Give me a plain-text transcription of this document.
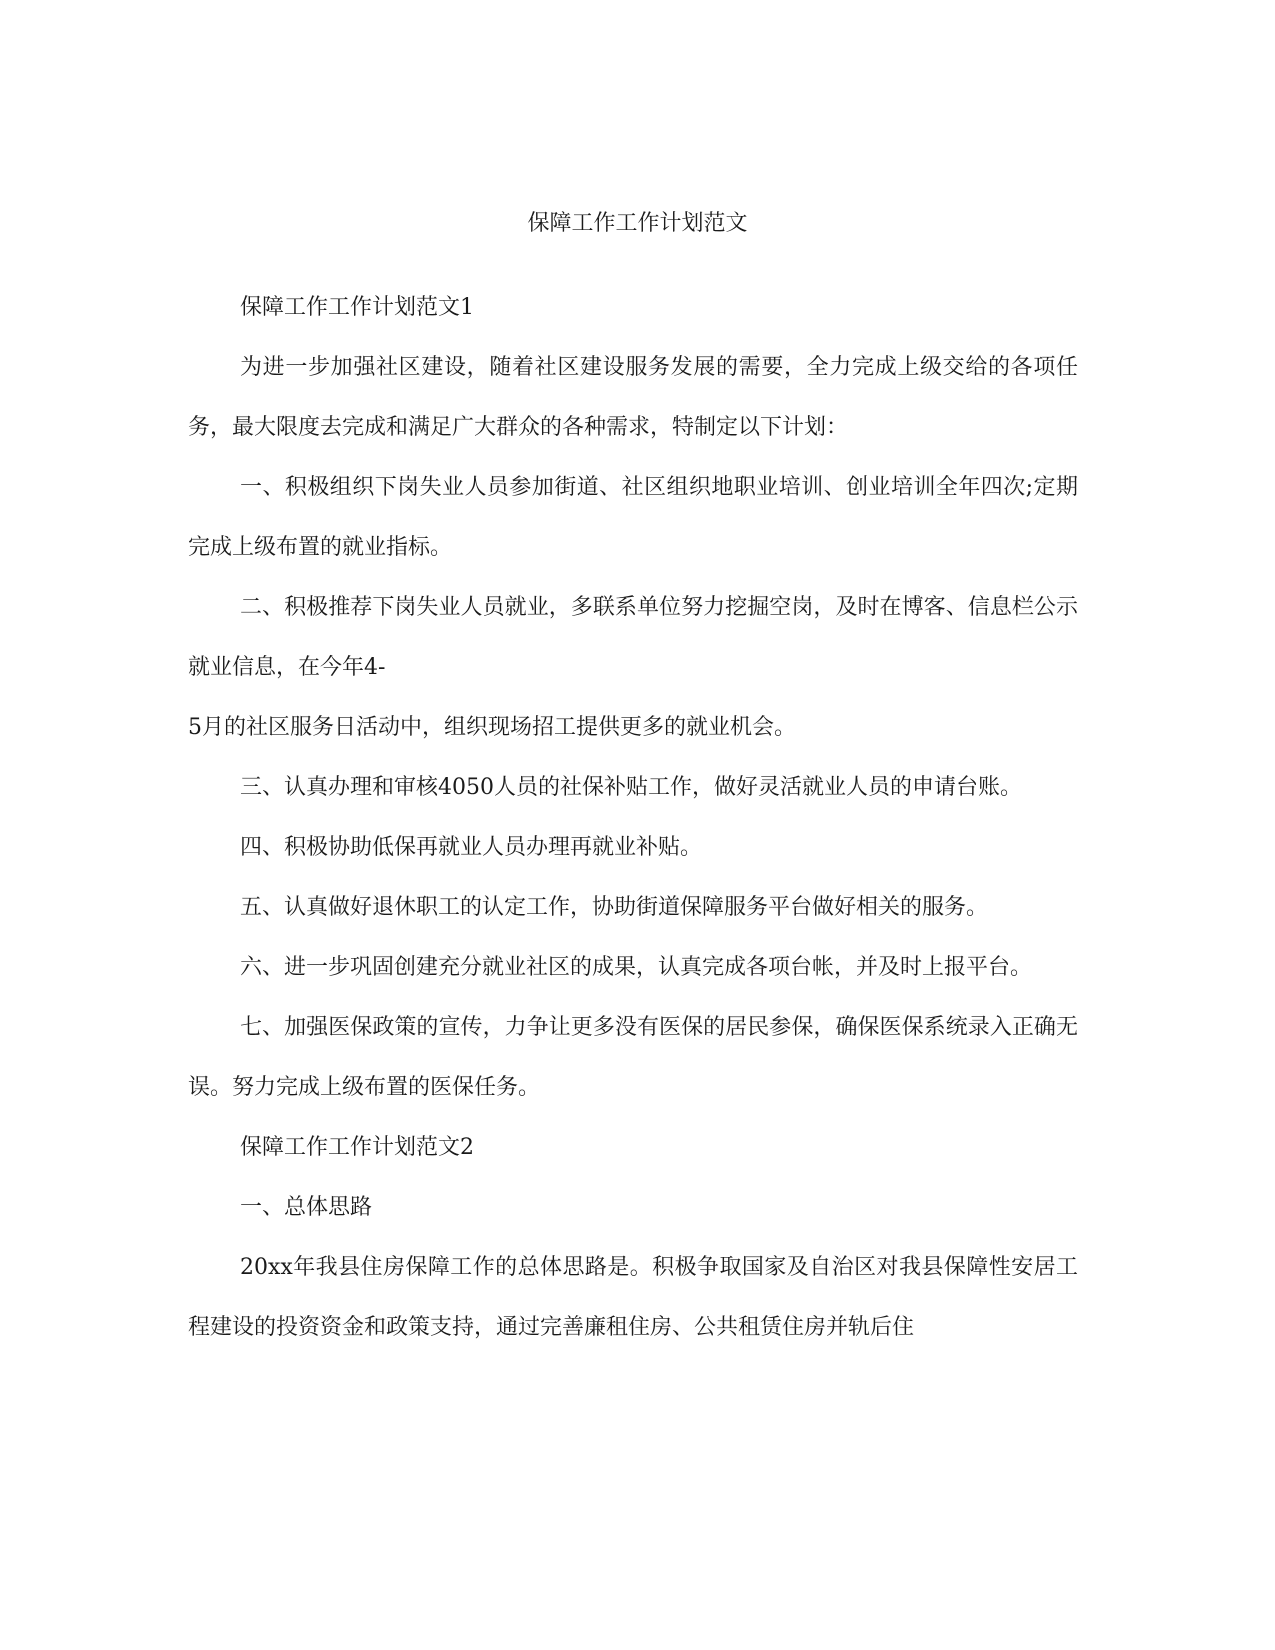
保障工作工作计划范文

保障工作工作计划范文1

为进一步加强社区建设，随着社区建设服务发展的需要，全力完成上级交给的各项任务，最大限度去完成和满足广大群众的各种需求，特制定以下计划：

一、积极组织下岗失业人员参加街道、社区组织地职业培训、创业培训全年四次;定期完成上级布置的就业指标。

二、积极推荐下岗失业人员就业，多联系单位努力挖掘空岗，及时在博客、信息栏公示就业信息，在今年4-

5月的社区服务日活动中，组织现场招工提供更多的就业机会。

三、认真办理和审核4050人员的社保补贴工作，做好灵活就业人员的申请台账。

四、积极协助低保再就业人员办理再就业补贴。

五、认真做好退休职工的认定工作，协助街道保障服务平台做好相关的服务。

六、进一步巩固创建充分就业社区的成果，认真完成各项台帐，并及时上报平台。

七、加强医保政策的宣传，力争让更多没有医保的居民参保，确保医保系统录入正确无误。努力完成上级布置的医保任务。

保障工作工作计划范文2

一、总体思路

20xx年我县住房保障工作的总体思路是。积极争取国家及自治区对我县保障性安居工程建设的投资资金和政策支持，通过完善廉租住房、公共租赁住房并轨后住
